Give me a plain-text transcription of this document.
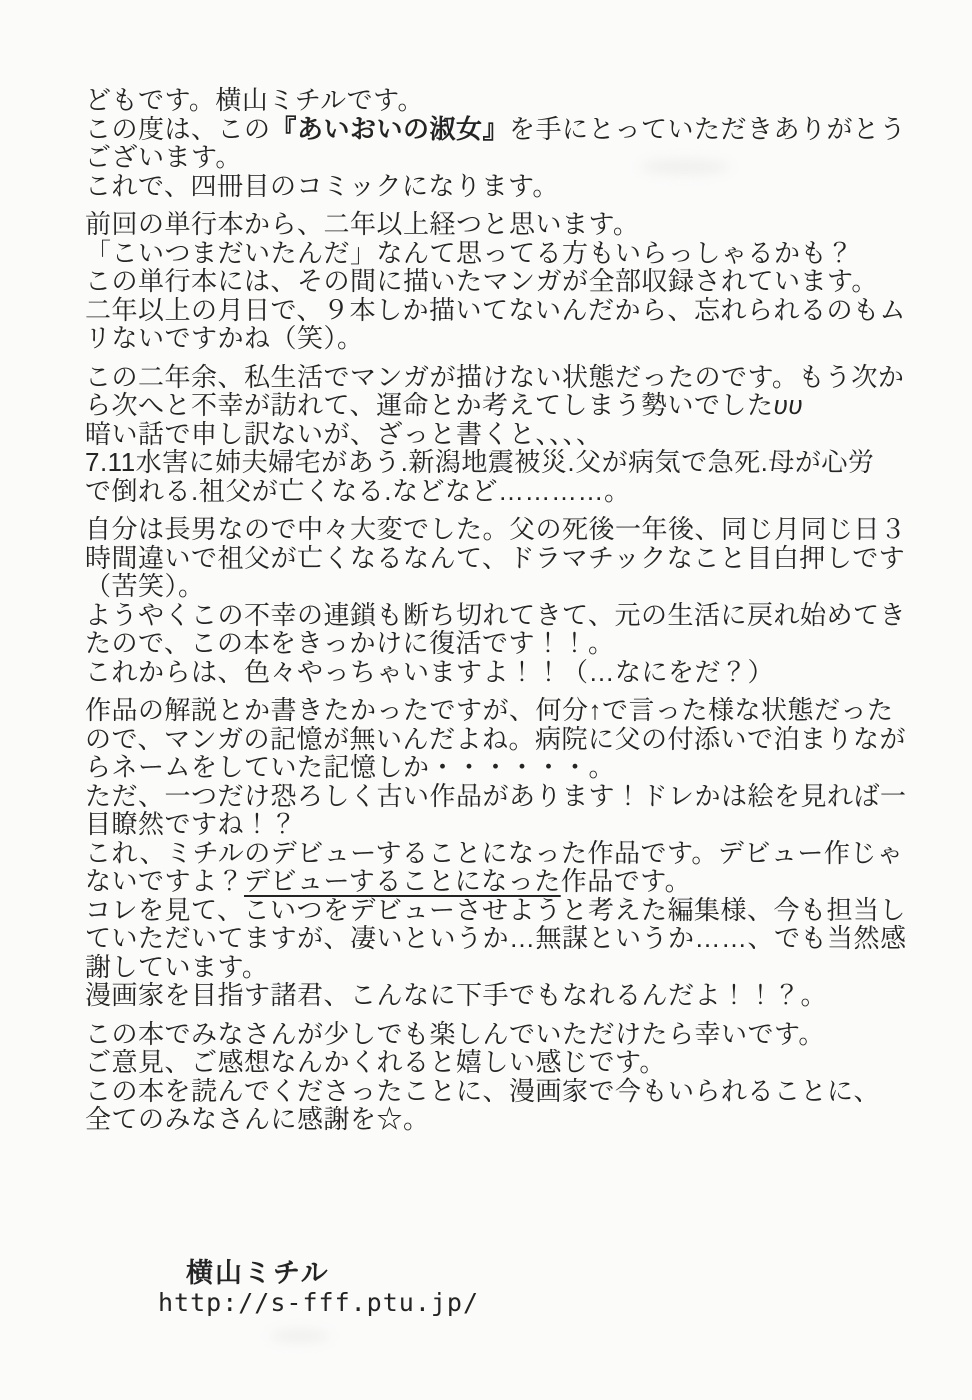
どもです。横山ミチルです。
この度は、この『あいおいの淑女』を手にとっていただきありがとう
ございます。
これで、四冊目のコミックになります。
前回の単行本から、二年以上経つと思います。
「こいつまだいたんだ」なんて思ってる方もいらっしゃるかも？
この単行本には、その間に描いたマンガが全部収録されています。
二年以上の月日で、９本しか描いてないんだから、忘れられるのもム
リないですかね（笑）。
この二年余、私生活でマンガが描けない状態だったのです。もう次か
ら次へと不幸が訪れて、運命とか考えてしまう勢いでしたυυ
暗い話で申し訳ないが、ざっと書くと、、、、
7.11水害に姉夫婦宅があう.新潟地震被災.父が病気で急死.母が心労
で倒れる.祖父が亡くなる.などなど…………。
自分は長男なので中々大変でした。父の死後一年後、同じ月同じ日３
時間違いで祖父が亡くなるなんて、ドラマチックなこと目白押しです
（苦笑）。
ようやくこの不幸の連鎖も断ち切れてきて、元の生活に戻れ始めてき
たので、この本をきっかけに復活です！！。
これからは、色々やっちゃいますよ！！（…なにをだ？）
作品の解説とか書きたかったですが、何分↑で言った様な状態だった
ので、マンガの記憶が無いんだよね。病院に父の付添いで泊まりなが
らネームをしていた記憶しか・・・・・・。
ただ、一つだけ恐ろしく古い作品があります！ドレかは絵を見れば一
目瞭然ですね！？
これ、ミチルのデビューすることになった作品です。デビュー作じゃ
ないですよ？デビューすることになった作品です。
コレを見て、こいつをデビューさせようと考えた編集様、今も担当し
ていただいてますが、凄いというか…無謀というか……、でも当然感
謝しています。
漫画家を目指す諸君、こんなに下手でもなれるんだよ！！？。
この本でみなさんが少しでも楽しんでいただけたら幸いです。
ご意見、ご感想なんかくれると嬉しい感じです。
この本を読んでくださったことに、漫画家で今もいられることに、
全てのみなさんに感謝を☆。
横山ミチル
http://s-fff.ptu.jp/
